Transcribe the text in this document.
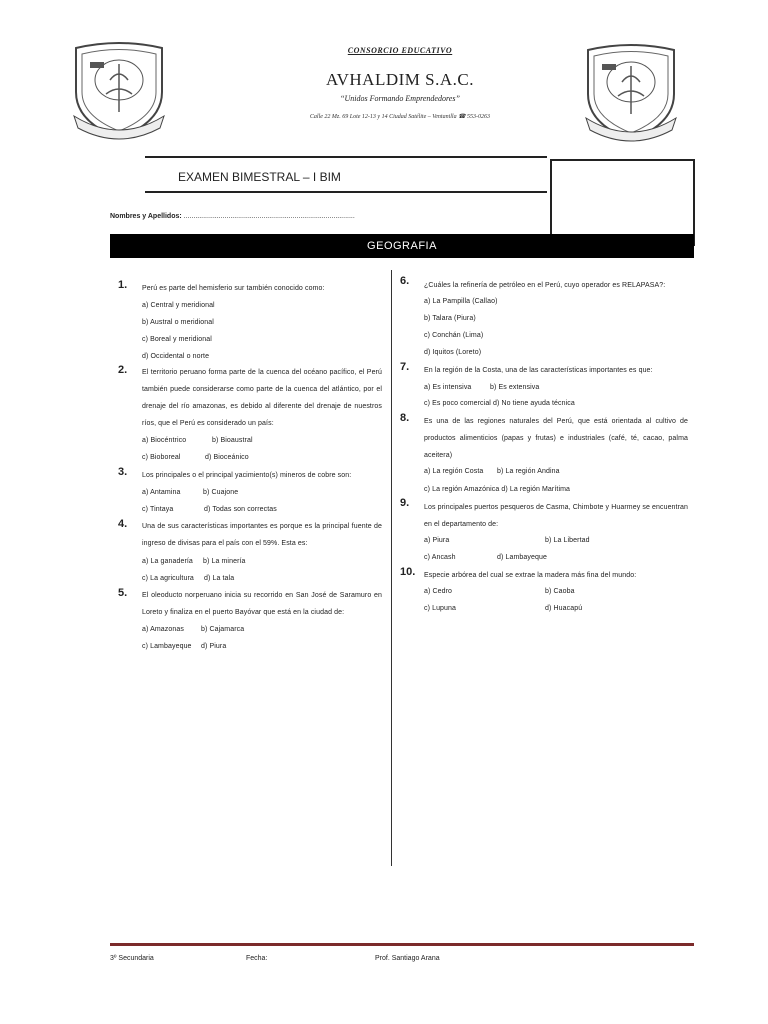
CONSORCIO EDUCATIVO
AVHALDIM S.A.C.
“Unidos Formando Emprendedores”
Calle 22 Mz. 69 Lote 12-13 y 14 Ciudad Satélite – Ventanilla ☎ 553-0263
EXAMEN BIMESTRAL – I BIM
Nombres y Apellidos: ........................................................................................
GEOGRAFIA
1. Perú es parte del hemisferio sur también conocido como:
a) Central y meridional
b) Austral o meridional
c) Boreal y meridional
d) Occidental o norte
2. El territorio peruano forma parte de la cuenca del océano pacífico, el Perú también puede considerarse como parte de la cuenca del atlántico, por el drenaje del río amazonas, es debido al diferente del drenaje de nuestros ríos, que el Perú es considerado un país:
a) Biocéntrico	b) Bioaustral
c) Bioboreal	d) Bioceánico
3. Los principales o el principal yacimiento(s) mineros de cobre son:
a) Antamina	b) Cuajone
c) Tintaya	d) Todas son correctas
4. Una de sus características importantes es porque es la principal fuente de ingreso de divisas para el país con el 59%. Esta es:
a) La ganadería b) La minería
c) La agricultura d) La tala
5. El oleoducto norperuano inicia su recorrido en San José de Saramuro en Loreto y finaliza en el puerto Bayóvar que está en la ciudad de:
a) Amazonas b) Cajamarca
c) Lambayeque d) Piura
6. ¿Cuáles la refinería de petróleo en el Perú, cuyo operador es RELAPASA?:
a) La Pampilla (Callao)
b) Talara (Piura)
c) Conchán (Lima)
d) Iquitos (Loreto)
7. En la región de la Costa, una de las características importantes es que:
a) Es intensiva	b) Es extensiva
c) Es poco comercial d) No tiene ayuda técnica
8. Es una de las regiones naturales del Perú, que está orientada al cultivo de productos alimenticios (papas y frutas) e industriales (café, té, cacao, palma aceitera)
a) La región Costa b) La región Andina
c) La región Amazónica d) La región Marítima
9. Los principales puertos pesqueros de Casma, Chimbote y Huarmey se encuentran en el departamento de:
a) Piura	b) La Libertad
c) Ancash	d) Lambayeque
10. Especie arbórea del cual se extrae la madera más fina del mundo:
a) Cedro	b) Caoba
c) Lupuna	d) Huacapú
3º Secundaria	Fecha:	Prof. Santiago Arana
